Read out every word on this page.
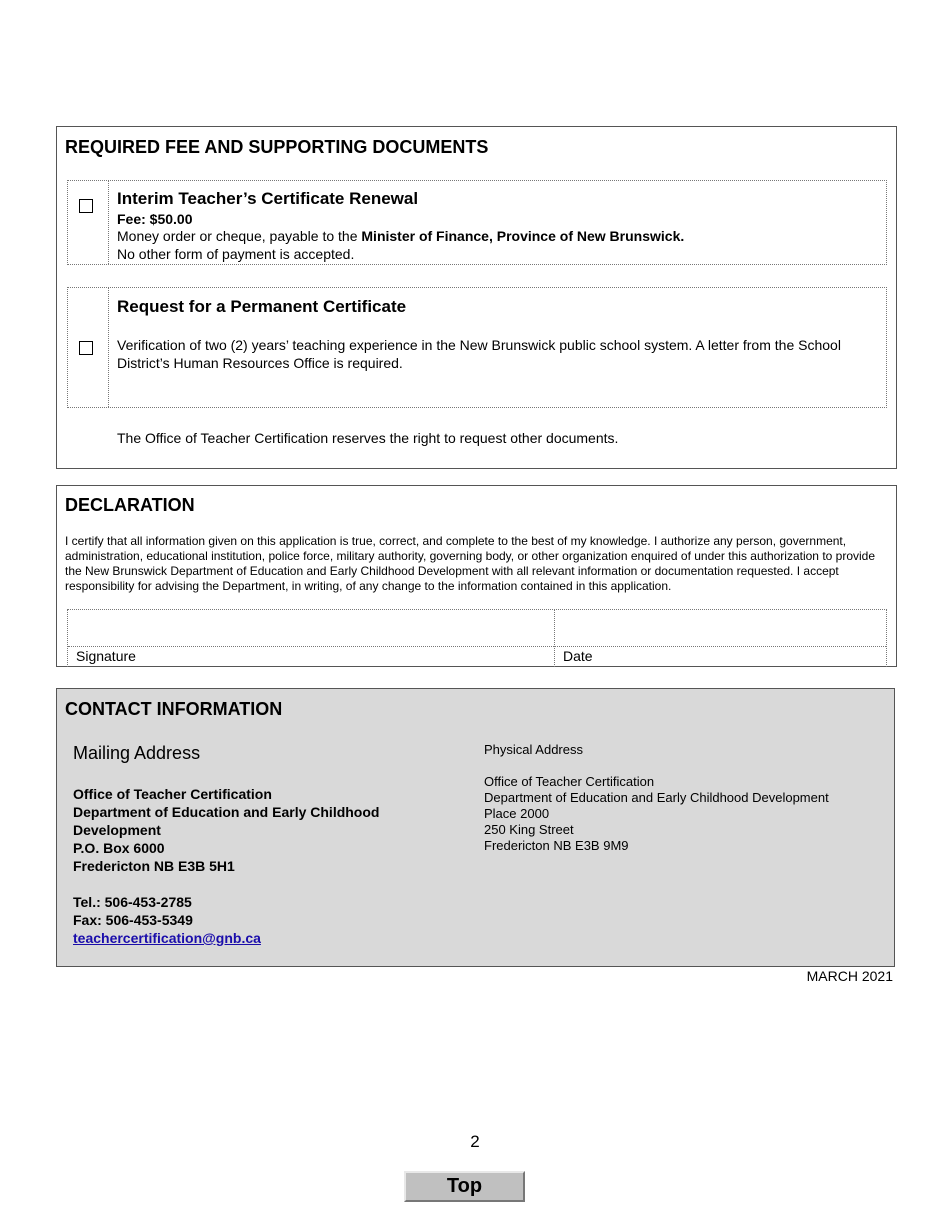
REQUIRED FEE AND SUPPORTING DOCUMENTS
Interim Teacher’s Certificate Renewal
Fee: $50.00
Money order or cheque, payable to the Minister of Finance, Province of New Brunswick.
No other form of payment is accepted.
Request for a Permanent Certificate
Verification of two (2) years’ teaching experience in the New Brunswick public school system. A letter from the School District’s Human Resources Office is required.
The Office of Teacher Certification reserves the right to request other documents.
DECLARATION
I certify that all information given on this application is true, correct, and complete to the best of my knowledge. I authorize any person, government, administration, educational institution, police force, military authority, governing body, or other organization enquired of under this authorization to provide the New Brunswick Department of Education and Early Childhood Development with all relevant information or documentation requested. I accept responsibility for advising the Department, in writing, of any change to the information contained in this application.
Signature	Date
CONTACT INFORMATION
Mailing Address
Office of Teacher Certification
Department of Education and Early Childhood Development
P.O. Box 6000
Fredericton NB E3B 5H1
Tel.: 506-453-2785
Fax: 506-453-5349
teachercertification@gnb.ca
Physical Address
Office of Teacher Certification
Department of Education and Early Childhood Development
Place 2000
250 King Street
Fredericton NB E3B 9M9
MARCH 2021
2
Top
